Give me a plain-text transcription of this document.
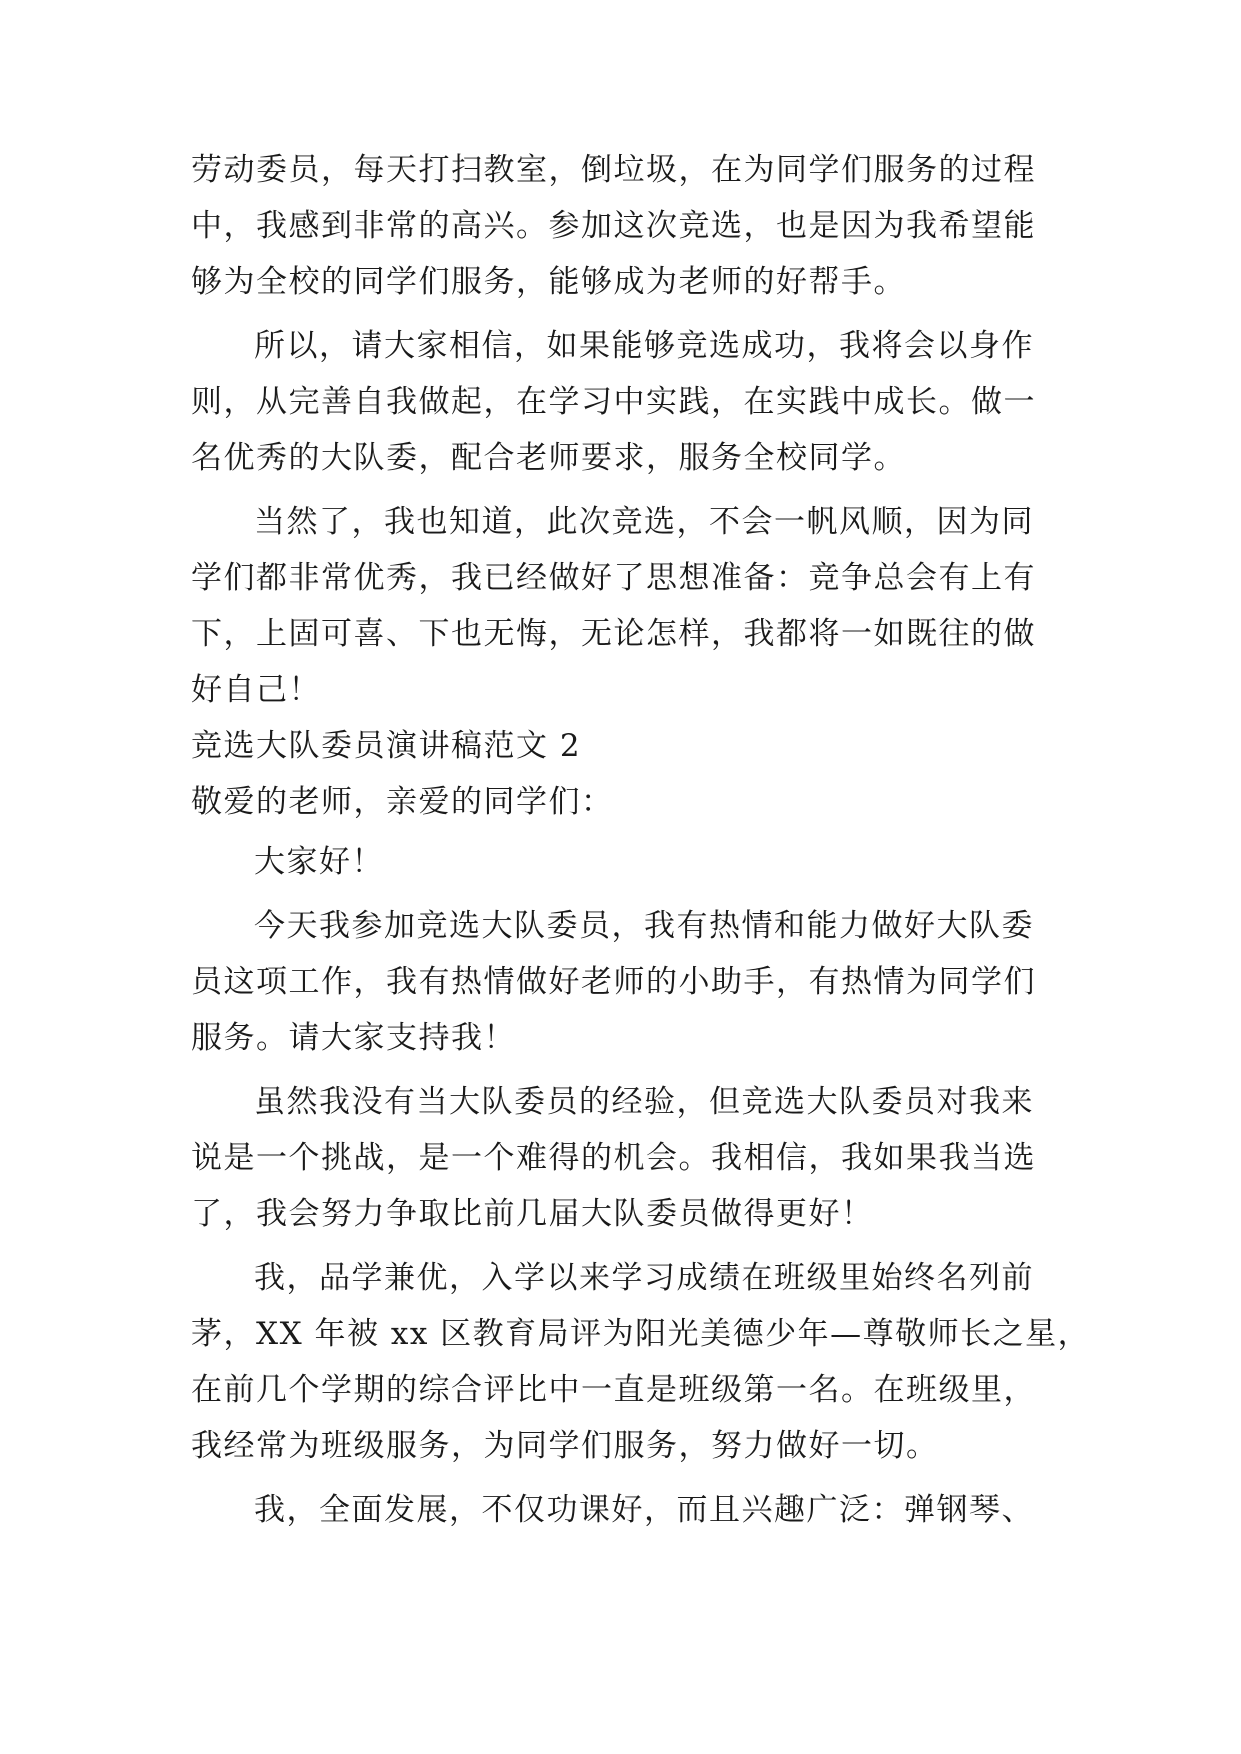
劳动委员，每天打扫教室，倒垃圾，在为同学们服务的过程
中，我感到非常的高兴。参加这次竞选，也是因为我希望能
够为全校的同学们服务，能够成为老师的好帮手。
所以，请大家相信，如果能够竞选成功，我将会以身作
则，从完善自我做起，在学习中实践，在实践中成长。做一
名优秀的大队委，配合老师要求，服务全校同学。
当然了，我也知道，此次竞选，不会一帆风顺，因为同
学们都非常优秀，我已经做好了思想准备：竞争总会有上有
下，上固可喜、下也无悔，无论怎样，我都将一如既往的做
好自己！
竞选大队委员演讲稿范文 2
敬爱的老师，亲爱的同学们：
大家好！
今天我参加竞选大队委员，我有热情和能力做好大队委
员这项工作，我有热情做好老师的小助手，有热情为同学们
服务。请大家支持我！
虽然我没有当大队委员的经验，但竞选大队委员对我来
说是一个挑战，是一个难得的机会。我相信，我如果我当选
了，我会努力争取比前几届大队委员做得更好！
我，品学兼优，入学以来学习成绩在班级里始终名列前
茅，XX 年被 xx 区教育局评为阳光美德少年—尊敬师长之星，
在前几个学期的综合评比中一直是班级第一名。在班级里，
我经常为班级服务，为同学们服务，努力做好一切。
我，全面发展，不仅功课好，而且兴趣广泛：弹钢琴、
